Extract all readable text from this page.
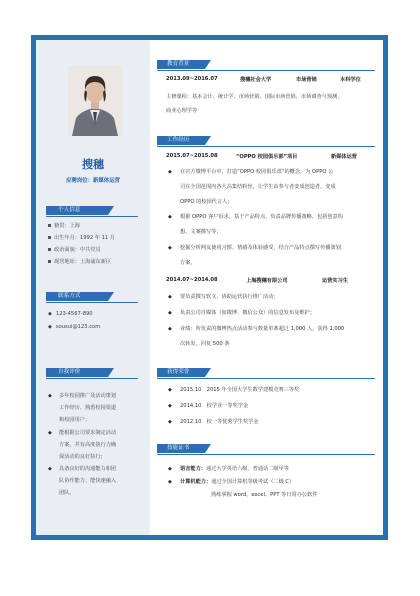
搜穗
应聘岗位：新媒体运营
个人信息
籍贯：上海
出生年月：1992 年 11 月
政治面貌：中共党员
现居地址：上海浦东新区
联系方式
◆ 123-4567-890
◆ sousui@123.com
自我评价
◆ 多年校园推广及活动策划
工作经历、熟悉校园渠道
和校园用户；
◆ 能根据公司要求制定活动
方案，并有高度执行力确
保活动的良好执行；
◆ 具备良好的沟通能力和团
队协作能力、能快速融入
团队。
教育背景
2013.09~2016.07	搜穗社会大学	市场营销	本科学位
主修课程：基本会计、统计学、市场营销、国际市场营销、市场调查与预测、
商业心理学等
工作经历
2015.07~2015.08	“OPPO 校园俱乐部”项目	新媒体运营
◆ 在官方微博平台中，打造“OPPO 校园俱乐部”的概念，为 OPPO 公
司在全国范围内各大高集结粉丝，让学生由参与者变成创造者，变成
OPPO 的校园代言人；
◆ 根据 OPPO 客户诉求，基于产品特点，负责品牌传播策略，包括创意构
想、文案撰写等；
◆ 挖掘分析网友使用习惯、情感及体验感受，结合产品特点撰写传播策划
方案。
2014.07~2014.08	上海搜穗有限公司	运营实习生
◆ 要负责撰写软文、协助运营执行推广活动；
◆ 负责公司自媒体（如微博、微信公众）的信息发布及维护；
◆ 业绩：所负责的微博热点活动参与数量单条超过 1,000 人，获得 1,000
次转发、回复 500 条
获得荣誉
◆ 2015.10　2015 年全国大学生数学建模竞赛三等奖
◆ 2014.10　校学业一等奖学金
◆ 2012.10　校一等优秀学生奖学金
技能证书
◆ 语言能力：通过大学英语六级、普通话二级甲等
◆ 计算机能力：通过全国计算机等级考试（二级 C）
熟练掌握 word、excel、PPT 等日常办公软件
